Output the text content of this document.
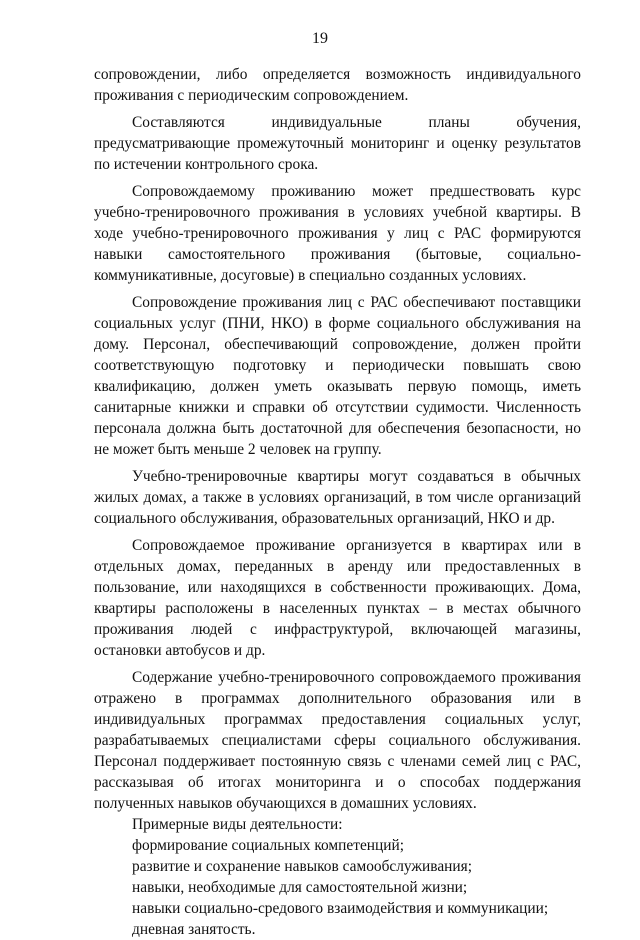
19

сопровождении, либо определяется возможность индивидуального проживания с периодическим сопровождением.

Составляются индивидуальные планы обучения, предусматривающие промежуточный мониторинг и оценку результатов по истечении контрольного срока.

Сопровождаемому проживанию может предшествовать курс учебно-тренировочного проживания в условиях учебной квартиры. В ходе учебно-тренировочного проживания у лиц с РАС формируются навыки самостоятельного проживания (бытовые, социально-коммуникативные, досуговые) в специально созданных условиях.

Сопровождение проживания лиц с РАС обеспечивают поставщики социальных услуг (ПНИ, НКО) в форме социального обслуживания на дому. Персонал, обеспечивающий сопровождение, должен пройти соответствующую подготовку и периодически повышать свою квалификацию, должен уметь оказывать первую помощь, иметь санитарные книжки и справки об отсутствии судимости. Численность персонала должна быть достаточной для обеспечения безопасности, но не может быть меньше 2 человек на группу.

Учебно-тренировочные квартиры могут создаваться в обычных жилых домах, а также в условиях организаций, в том числе организаций социального обслуживания, образовательных организаций, НКО и др.

Сопровождаемое проживание организуется в квартирах или в отдельных домах, переданных в аренду или предоставленных в пользование, или находящихся в собственности проживающих. Дома, квартиры расположены в населенных пунктах – в местах обычного проживания людей с инфраструктурой, включающей магазины, остановки автобусов и др.

Содержание учебно-тренировочного сопровождаемого проживания отражено в программах дополнительного образования или в индивидуальных программах предоставления социальных услуг, разрабатываемых специалистами сферы социального обслуживания. Персонал поддерживает постоянную связь с членами семей лиц с РАС, рассказывая об итогах мониторинга и о способах поддержания полученных навыков обучающихся в домашних условиях.

Примерные виды деятельности:
формирование социальных компетенций;
развитие и сохранение навыков самообслуживания;
навыки, необходимые для самостоятельной жизни;
навыки социально-средового взаимодействия и коммуникации;
дневная занятость.
